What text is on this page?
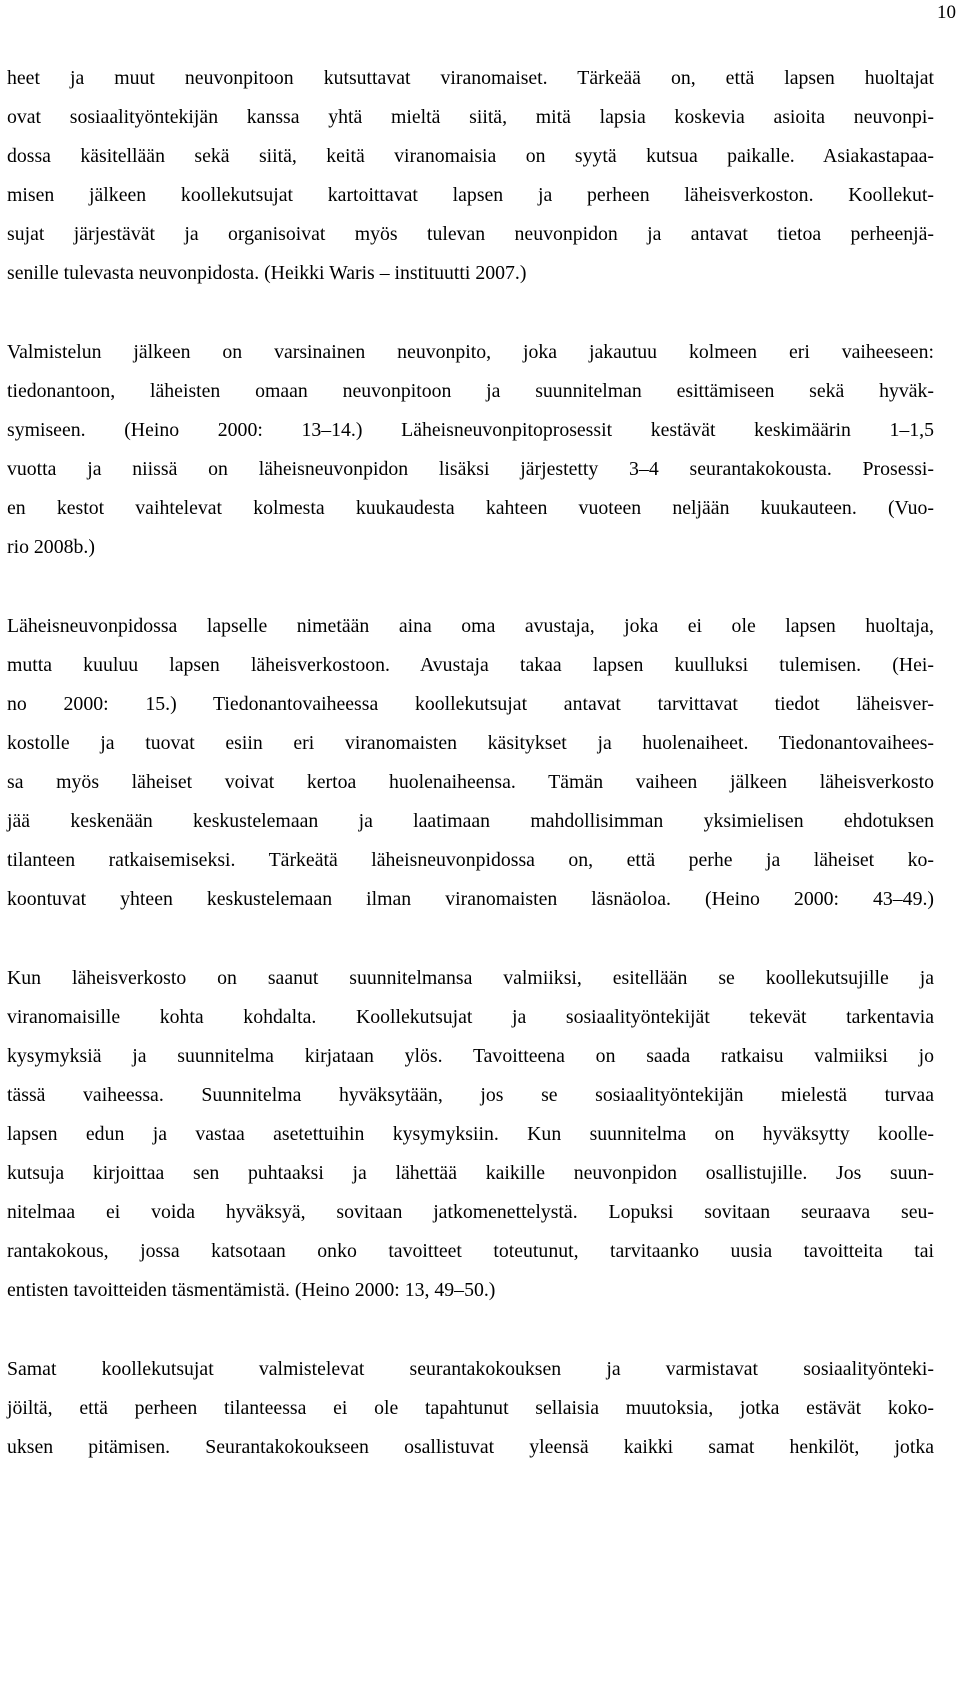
10

heet ja muut neuvonpitoon kutsuttavat viranomaiset. Tärkeää on, että lapsen huoltajat
ovat sosiaalityöntekijän kanssa yhtä mieltä siitä, mitä lapsia koskevia asioita neuvonpi-
dossa käsitellään sekä siitä, keitä viranomaisia on syytä kutsua paikalle. Asiakastapaa-
misen jälkeen koollekutsujat kartoittavat lapsen ja perheen läheisverkoston. Koollekut-
sujat järjestävät ja organisoivat myös tulevan neuvonpidon ja antavat tietoa perheenjä-
senille tulevasta neuvonpidosta. (Heikki Waris – instituutti 2007.)

Valmistelun jälkeen on varsinainen neuvonpito, joka jakautuu kolmeen eri vaiheeseen:
tiedonantoon, läheisten omaan neuvonpitoon ja suunnitelman esittämiseen sekä hyväk-
symiseen. (Heino 2000: 13–14.) Läheisneuvonpitoprosessit kestävät keskimäärin 1–1,5
vuotta ja niissä on läheisneuvonpidon lisäksi järjestetty 3–4 seurantakokousta. Prosessi-
en kestot vaihtelevat kolmesta kuukaudesta kahteen vuoteen neljään kuukauteen. (Vuo-
rio 2008b.)

Läheisneuvonpidossa lapselle nimetään aina oma avustaja, joka ei ole lapsen huoltaja,
mutta kuuluu lapsen läheisverkostoon. Avustaja takaa lapsen kuulluksi tulemisen. (Hei-
no 2000: 15.) Tiedonantovaiheessa koollekutsujat antavat tarvittavat tiedot läheisver-
kostolle ja tuovat esiin eri viranomaisten käsitykset ja huolenaiheet. Tiedonantovaihees-
sa myös läheiset voivat kertoa huolenaiheensa. Tämän vaiheen jälkeen läheisverkosto
jää keskenään keskustelemaan ja laatimaan mahdollisimman yksimielisen ehdotuksen
tilanteen ratkaisemiseksi. Tärkeätä läheisneuvonpidossa on, että perhe ja läheiset ko-
koontuvat yhteen keskustelemaan ilman viranomaisten läsnäoloa. (Heino 2000: 43–49.)

Kun läheisverkosto on saanut suunnitelmansa valmiiksi, esitellään se koollekutsujille ja
viranomaisille kohta kohdalta. Koollekutsujat ja sosiaalityöntekijät tekevät tarkentavia
kysymyksiä ja suunnitelma kirjataan ylös. Tavoitteena on saada ratkaisu valmiiksi jo
tässä vaiheessa. Suunnitelma hyväksytään, jos se sosiaalityöntekijän mielestä turvaa
lapsen edun ja vastaa asetettuihin kysymyksiin. Kun suunnitelma on hyväksytty koolle-
kutsuja kirjoittaa sen puhtaaksi ja lähettää kaikille neuvonpidon osallistujille. Jos suun-
nitelmaa ei voida hyväksyä, sovitaan jatkomenettelystä. Lopuksi sovitaan seuraava seu-
rantakokous, jossa katsotaan onko tavoitteet toteutunut, tarvitaanko uusia tavoitteita tai
entisten tavoitteiden täsmentämistä. (Heino 2000: 13, 49–50.)

Samat koollekutsujat valmistelevat seurantakokouksen ja varmistavat sosiaalityönteki-
jöiltä, että perheen tilanteessa ei ole tapahtunut sellaisia muutoksia, jotka estävät koko-
uksen pitämisen. Seurantakokoukseen osallistuvat yleensä kaikki samat henkilöt, jotka
